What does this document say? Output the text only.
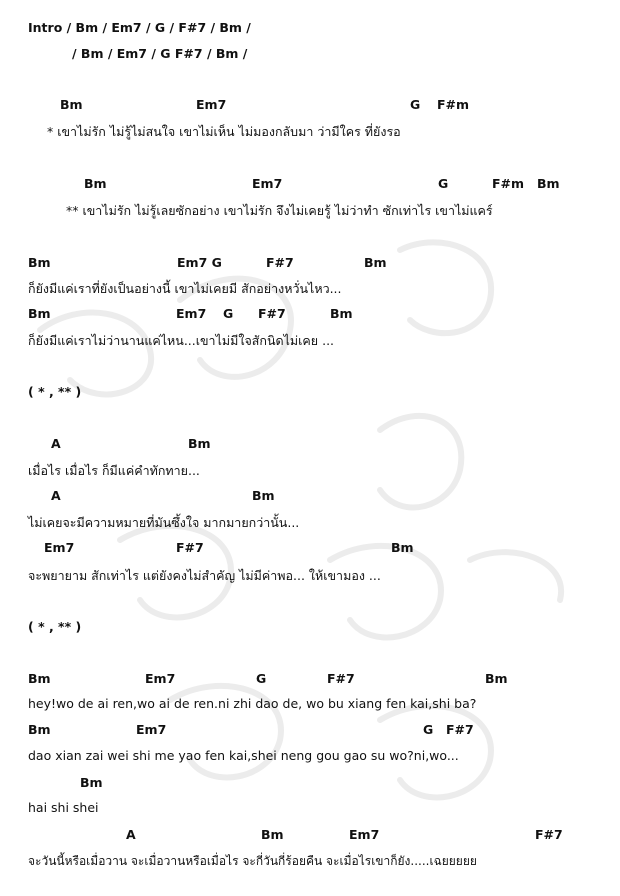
Intro / Bm / Em7 / G / F#7 / Bm /
/ Bm / Em7 / G F#7 / Bm /
Bm	Em7	G F#m
* เขาไม่รัก ไม่รู้ไม่สนใจ เขาไม่เห็น ไม่มองกลับมา ว่ามีใคร ที่ยังรอ
Bm	Em7	G	F#m Bm
** เขาไม่รัก ไม่รู้เลยซักอย่าง เขาไม่รัก จึงไม่เคยรู้ ไม่ว่าทำ ซักเท่าไร เขาไม่แคร์
Bm	Em7 G	F#7	Bm
ก็ยังมีแค่เราที่ยังเป็นอย่างนี้ เขาไม่เคยมี สักอย่างหวั่นไหว...
Bm	Em7 G F#7	Bm
ก็ยังมีแค่เราไม่ว่านานแค่ไหน...เขาไม่มีใจสักนิดไม่เคย ...
( * , ** )
A	Bm
เมื่อไร เมื่อไร ก็มีแค่คำทักทาย...
A	Bm
ไม่เคยจะมีความหมายที่มันซึ้งใจ มากมายกว่านั้น...
Em7	F#7	Bm
จะพยายาม สักเท่าไร แต่ยังคงไม่สำคัญ ไม่มีค่าพอ... ให้เขามอง ...
( * , ** )
Bm	Em7	G	F#7	Bm
hey!wo de ai ren,wo ai de ren.ni zhi dao de, wo bu xiang fen kai,shi ba?
Bm	Em7	G F#7
dao xian zai wei shi me yao fen kai,shei neng gou gao su wo?ni,wo...
Bm
hai shi shei
A	Bm	Em7	F#7
จะวันนี้หรือเมื่อวาน จะเมื่อวานหรือเมื่อไร จะกี่วันกี่ร้อยคืน จะเมื่อไรเขาก็ยัง.....เฉยยยยย
